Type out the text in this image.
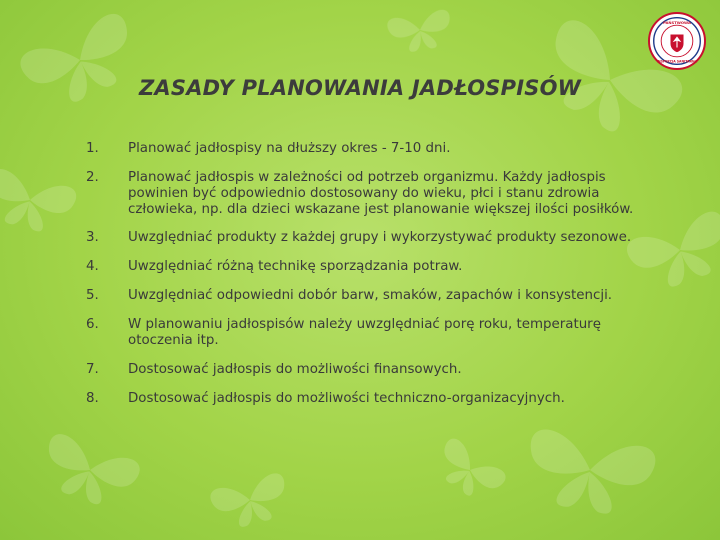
PAŃSTWOWA
INSPEKCJA SANITARNA
ZASADY PLANOWANIA JADŁOSPISÓW
1.	Planować jadłospisy na dłuższy okres - 7-10 dni.
2.	Planować jadłospis w zależności od potrzeb organizmu. Każdy jadłospis powinien być odpowiednio dostosowany do wieku, płci i stanu zdrowia człowieka, np. dla dzieci wskazane jest planowanie większej ilości posiłków.
3.	Uwzględniać produkty z każdej grupy i wykorzystywać produkty sezonowe.
4.	Uwzględniać różną technikę sporządzania potraw.
5.	Uwzględniać odpowiedni dobór barw, smaków, zapachów i konsystencji.
6.	W planowaniu jadłospisów należy uwzględniać porę roku, temperaturę otoczenia itp.
7.	Dostosować jadłospis do możliwości finansowych.
8.	Dostosować jadłospis do możliwości techniczno-organizacyjnych.
